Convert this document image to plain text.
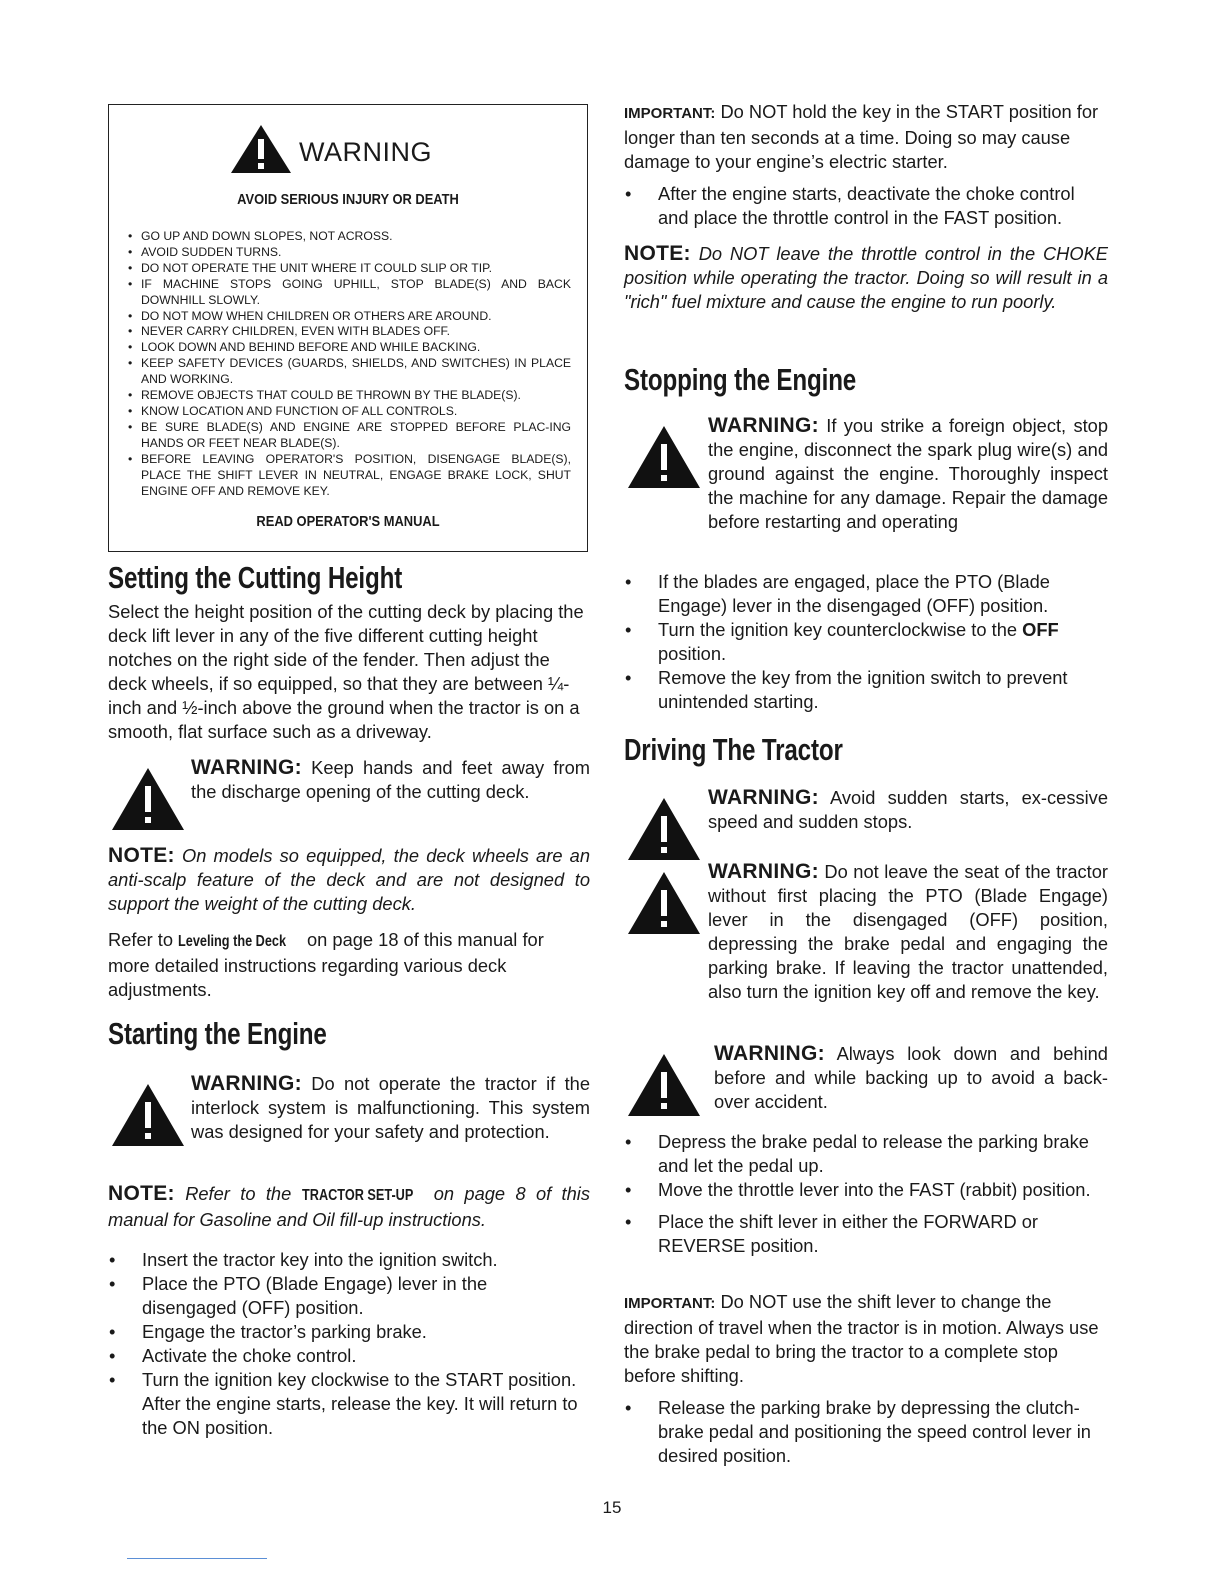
WARNING
AVOID SERIOUS INJURY OR DEATH
• GO UP AND DOWN SLOPES, NOT ACROSS.
• AVOID SUDDEN TURNS.
• DO NOT OPERATE THE UNIT WHERE IT COULD SLIP OR TIP.
• IF MACHINE STOPS GOING UPHILL, STOP BLADE(S) AND BACK DOWNHILL SLOWLY.
• DO NOT MOW WHEN CHILDREN OR OTHERS ARE AROUND.
• NEVER CARRY CHILDREN, EVEN WITH BLADES OFF.
• LOOK DOWN AND BEHIND BEFORE AND WHILE BACKING.
• KEEP SAFETY DEVICES (GUARDS, SHIELDS, AND SWITCHES) IN PLACE AND WORKING.
• REMOVE OBJECTS THAT COULD BE THROWN BY THE BLADE(S).
• KNOW LOCATION AND FUNCTION OF ALL CONTROLS.
• BE SURE BLADE(S) AND ENGINE ARE STOPPED BEFORE PLAC-ING HANDS OR FEET NEAR BLADE(S).
• BEFORE LEAVING OPERATOR'S POSITION, DISENGAGE BLADE(S), PLACE THE SHIFT LEVER IN NEUTRAL, ENGAGE BRAKE LOCK, SHUT ENGINE OFF AND REMOVE KEY.
READ OPERATOR'S MANUAL
Setting the Cutting Height

Select the height position of the cutting deck by placing the deck lift lever in any of the five different cutting height notches on the right side of the fender. Then adjust the deck wheels, if so equipped, so that they are between ¼-inch and ½-inch above the ground when the tractor is on a smooth, flat surface such as a driveway.

WARNING: Keep hands and feet away from the discharge opening of the cutting deck.

NOTE: On models so equipped, the deck wheels are an anti-scalp feature of the deck and are not designed to support the weight of the cutting deck.

Refer to Leveling the Deck on page 18 of this manual for more detailed instructions regarding various deck adjustments.

Starting the Engine
WARNING: Do not operate the tractor if the interlock system is malfunctioning. This system was designed for your safety and protection.

NOTE: Refer to the TRACTOR SET-UP on page 8 of this manual for Gasoline and Oil fill-up instructions.

• Insert the tractor key into the ignition switch.
• Place the PTO (Blade Engage) lever in the disengaged (OFF) position.
• Engage the tractor’s parking brake.
• Activate the choke control.
• Turn the ignition key clockwise to the START position. After the engine starts, release the key. It will return to the ON position.

IMPORTANT: Do NOT hold the key in the START position for longer than ten seconds at a time. Doing so may cause damage to your engine’s electric starter.

• After the engine starts, deactivate the choke control and place the throttle control in the FAST position.

NOTE: Do NOT leave the throttle control in the CHOKE position while operating the tractor. Doing so will result in a "rich" fuel mixture and cause the engine to run poorly.

Stopping the Engine
WARNING: If you strike a foreign object, stop the engine, disconnect the spark plug wire(s) and ground against the engine. Thoroughly inspect the machine for any damage. Repair the damage before restarting and operating
• If the blades are engaged, place the PTO (Blade Engage) lever in the disengaged (OFF) position.
• Turn the ignition key counterclockwise to the OFF position.
• Remove the key from the ignition switch to prevent unintended starting.
Driving The Tractor
WARNING: Avoid sudden starts, ex-cessive speed and sudden stops.
WARNING: Do not leave the seat of the tractor without first placing the PTO (Blade Engage) lever in the disengaged (OFF) position, depressing the brake pedal and engaging the parking brake. If leaving the tractor unattended, also turn the ignition key off and remove the key.
WARNING: Always look down and behind before and while backing up to avoid a back-over accident.
• Depress the brake pedal to release the parking brake and let the pedal up.
• Move the throttle lever into the FAST (rabbit) position.
• Place the shift lever in either the FORWARD or REVERSE position.

IMPORTANT: Do NOT use the shift lever to change the direction of travel when the tractor is in motion. Always use the brake pedal to bring the tractor to a complete stop before shifting.

• Release the parking brake by depressing the clutch-brake pedal and positioning the speed control lever in desired position.
15
